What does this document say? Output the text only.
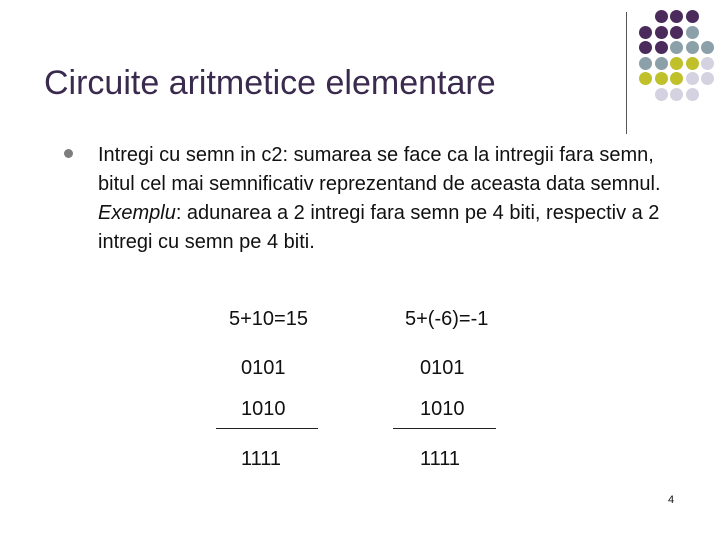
Circuite aritmetice elementare

Intregi cu semn in c2: sumarea se face ca la intregii fara semn, bitul cel mai semnificativ reprezentand de aceasta data semnul.

Exemplu: adunarea a 2 intregi fara semn pe 4 biti, respectiv a 2 intregi cu semn pe 4 biti.

5+10=15
0101
1010
1111
5+(-6)=-1
0101
1010
1111
4
